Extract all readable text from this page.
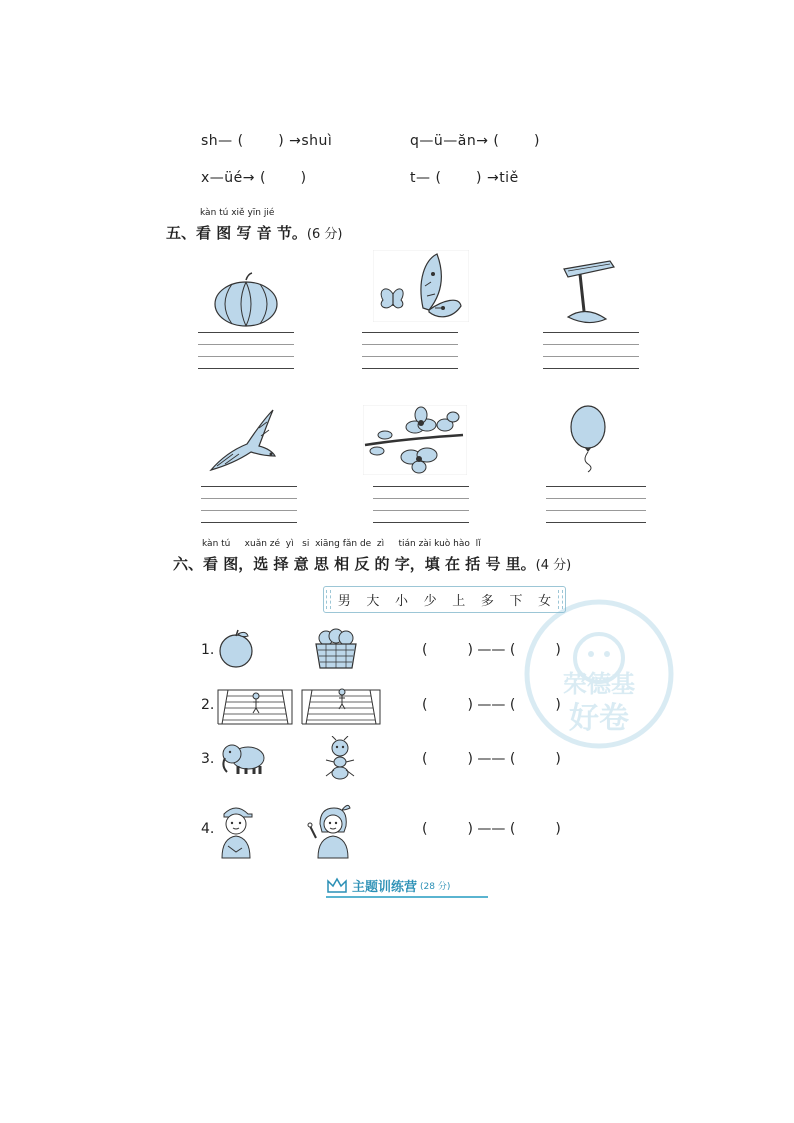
sh— (       ) →shuì	q—ü—ăn→ (       )
x—üé→ (       )	t— (       ) →tiě
kàn tú xiě yīn jié
五、看 图 写 音 节。(6 分)
kàn tú     xuǎn zé  yì   si  xiāng fǎn de  zì     tián zài kuò hào  lǐ
六、看 图，选 择 意 思 相 反 的 字，填 在 括 号 里。(4 分)
男 大 小 少 上 多 下 女
荣德基
好卷
1.	(         ) —— (         )
2.	(         ) —— (         )
3.	(         ) —— (         )
4.	(         ) —— (         )
主题训练营 (28 分)
